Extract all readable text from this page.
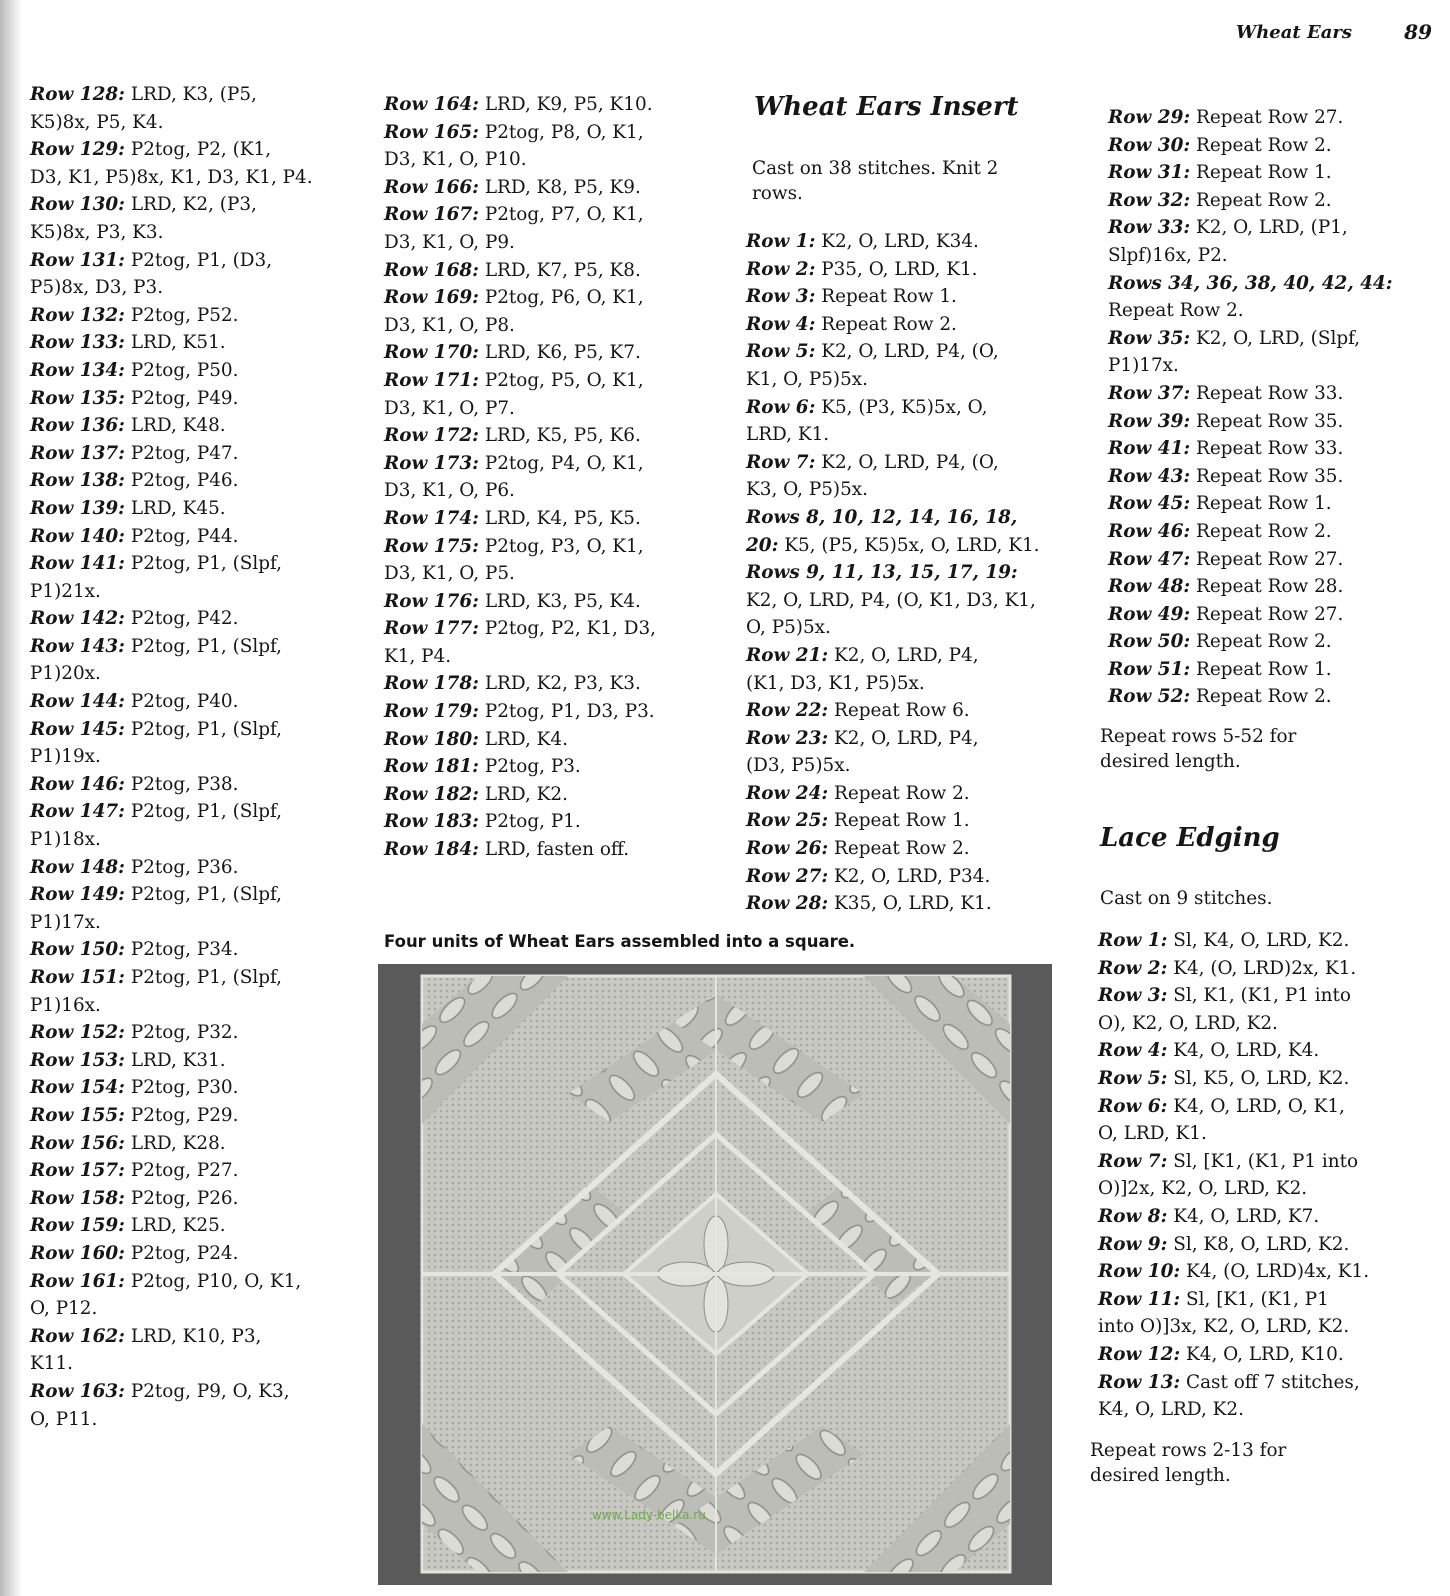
Wheat Ears	89
Row 128: LRD, K3, (P5,
K5)8x, P5, K4.
Row 129: P2tog, P2, (K1,
D3, K1, P5)8x, K1, D3, K1, P4.
Row 130: LRD, K2, (P3,
K5)8x, P3, K3.
Row 131: P2tog, P1, (D3,
P5)8x, D3, P3.
Row 132: P2tog, P52.
Row 133: LRD, K51.
Row 134: P2tog, P50.
Row 135: P2tog, P49.
Row 136: LRD, K48.
Row 137: P2tog, P47.
Row 138: P2tog, P46.
Row 139: LRD, K45.
Row 140: P2tog, P44.
Row 141: P2tog, P1, (Slpf,
P1)21x.
Row 142: P2tog, P42.
Row 143: P2tog, P1, (Slpf,
P1)20x.
Row 144: P2tog, P40.
Row 145: P2tog, P1, (Slpf,
P1)19x.
Row 146: P2tog, P38.
Row 147: P2tog, P1, (Slpf,
P1)18x.
Row 148: P2tog, P36.
Row 149: P2tog, P1, (Slpf,
P1)17x.
Row 150: P2tog, P34.
Row 151: P2tog, P1, (Slpf,
P1)16x.
Row 152: P2tog, P32.
Row 153: LRD, K31.
Row 154: P2tog, P30.
Row 155: P2tog, P29.
Row 156: LRD, K28.
Row 157: P2tog, P27.
Row 158: P2tog, P26.
Row 159: LRD, K25.
Row 160: P2tog, P24.
Row 161: P2tog, P10, O, K1,
O, P12.
Row 162: LRD, K10, P3,
K11.
Row 163: P2tog, P9, O, K3,
O, P11.
Row 164: LRD, K9, P5, K10.
Row 165: P2tog, P8, O, K1,
D3, K1, O, P10.
Row 166: LRD, K8, P5, K9.
Row 167: P2tog, P7, O, K1,
D3, K1, O, P9.
Row 168: LRD, K7, P5, K8.
Row 169: P2tog, P6, O, K1,
D3, K1, O, P8.
Row 170: LRD, K6, P5, K7.
Row 171: P2tog, P5, O, K1,
D3, K1, O, P7.
Row 172: LRD, K5, P5, K6.
Row 173: P2tog, P4, O, K1,
D3, K1, O, P6.
Row 174: LRD, K4, P5, K5.
Row 175: P2tog, P3, O, K1,
D3, K1, O, P5.
Row 176: LRD, K3, P5, K4.
Row 177: P2tog, P2, K1, D3,
K1, P4.
Row 178: LRD, K2, P3, K3.
Row 179: P2tog, P1, D3, P3.
Row 180: LRD, K4.
Row 181: P2tog, P3.
Row 182: LRD, K2.
Row 183: P2tog, P1.
Row 184: LRD, fasten off.
Wheat Ears Insert
Cast on 38 stitches. Knit 2 rows.
Row 1: K2, O, LRD, K34.
Row 2: P35, O, LRD, K1.
Row 3: Repeat Row 1.
Row 4: Repeat Row 2.
Row 5: K2, O, LRD, P4, (O,
K1, O, P5)5x.
Row 6: K5, (P3, K5)5x, O,
LRD, K1.
Row 7: K2, O, LRD, P4, (O,
K3, O, P5)5x.
Rows 8, 10, 12, 14, 16, 18,
20: K5, (P5, K5)5x, O, LRD, K1.
Rows 9, 11, 13, 15, 17, 19:
K2, O, LRD, P4, (O, K1, D3, K1,
O, P5)5x.
Row 21: K2, O, LRD, P4,
(K1, D3, K1, P5)5x.
Row 22: Repeat Row 6.
Row 23: K2, O, LRD, P4,
(D3, P5)5x.
Row 24: Repeat Row 2.
Row 25: Repeat Row 1.
Row 26: Repeat Row 2.
Row 27: K2, O, LRD, P34.
Row 28: K35, O, LRD, K1.
Row 29: Repeat Row 27.
Row 30: Repeat Row 2.
Row 31: Repeat Row 1.
Row 32: Repeat Row 2.
Row 33: K2, O, LRD, (P1,
Slpf)16x, P2.
Rows 34, 36, 38, 40, 42, 44:
Repeat Row 2.
Row 35: K2, O, LRD, (Slpf,
P1)17x.
Row 37: Repeat Row 33.
Row 39: Repeat Row 35.
Row 41: Repeat Row 33.
Row 43: Repeat Row 35.
Row 45: Repeat Row 1.
Row 46: Repeat Row 2.
Row 47: Repeat Row 27.
Row 48: Repeat Row 28.
Row 49: Repeat Row 27.
Row 50: Repeat Row 2.
Row 51: Repeat Row 1.
Row 52: Repeat Row 2.
Repeat rows 5-52 for desired length.
Lace Edging
Cast on 9 stitches.
Row 1: Sl, K4, O, LRD, K2.
Row 2: K4, (O, LRD)2x, K1.
Row 3: Sl, K1, (K1, P1 into
O), K2, O, LRD, K2.
Row 4: K4, O, LRD, K4.
Row 5: Sl, K5, O, LRD, K2.
Row 6: K4, O, LRD, O, K1,
O, LRD, K1.
Row 7: Sl, [K1, (K1, P1 into
O)]2x, K2, O, LRD, K2.
Row 8: K4, O, LRD, K7.
Row 9: Sl, K8, O, LRD, K2.
Row 10: K4, (O, LRD)4x, K1.
Row 11: Sl, [K1, (K1, P1
into O)]3x, K2, O, LRD, K2.
Row 12: K4, O, LRD, K10.
Row 13: Cast off 7 stitches,
K4, O, LRD, K2.
Repeat rows 2-13 for desired length.
Four units of Wheat Ears assembled into a square.
www.Lady-belka.ru
